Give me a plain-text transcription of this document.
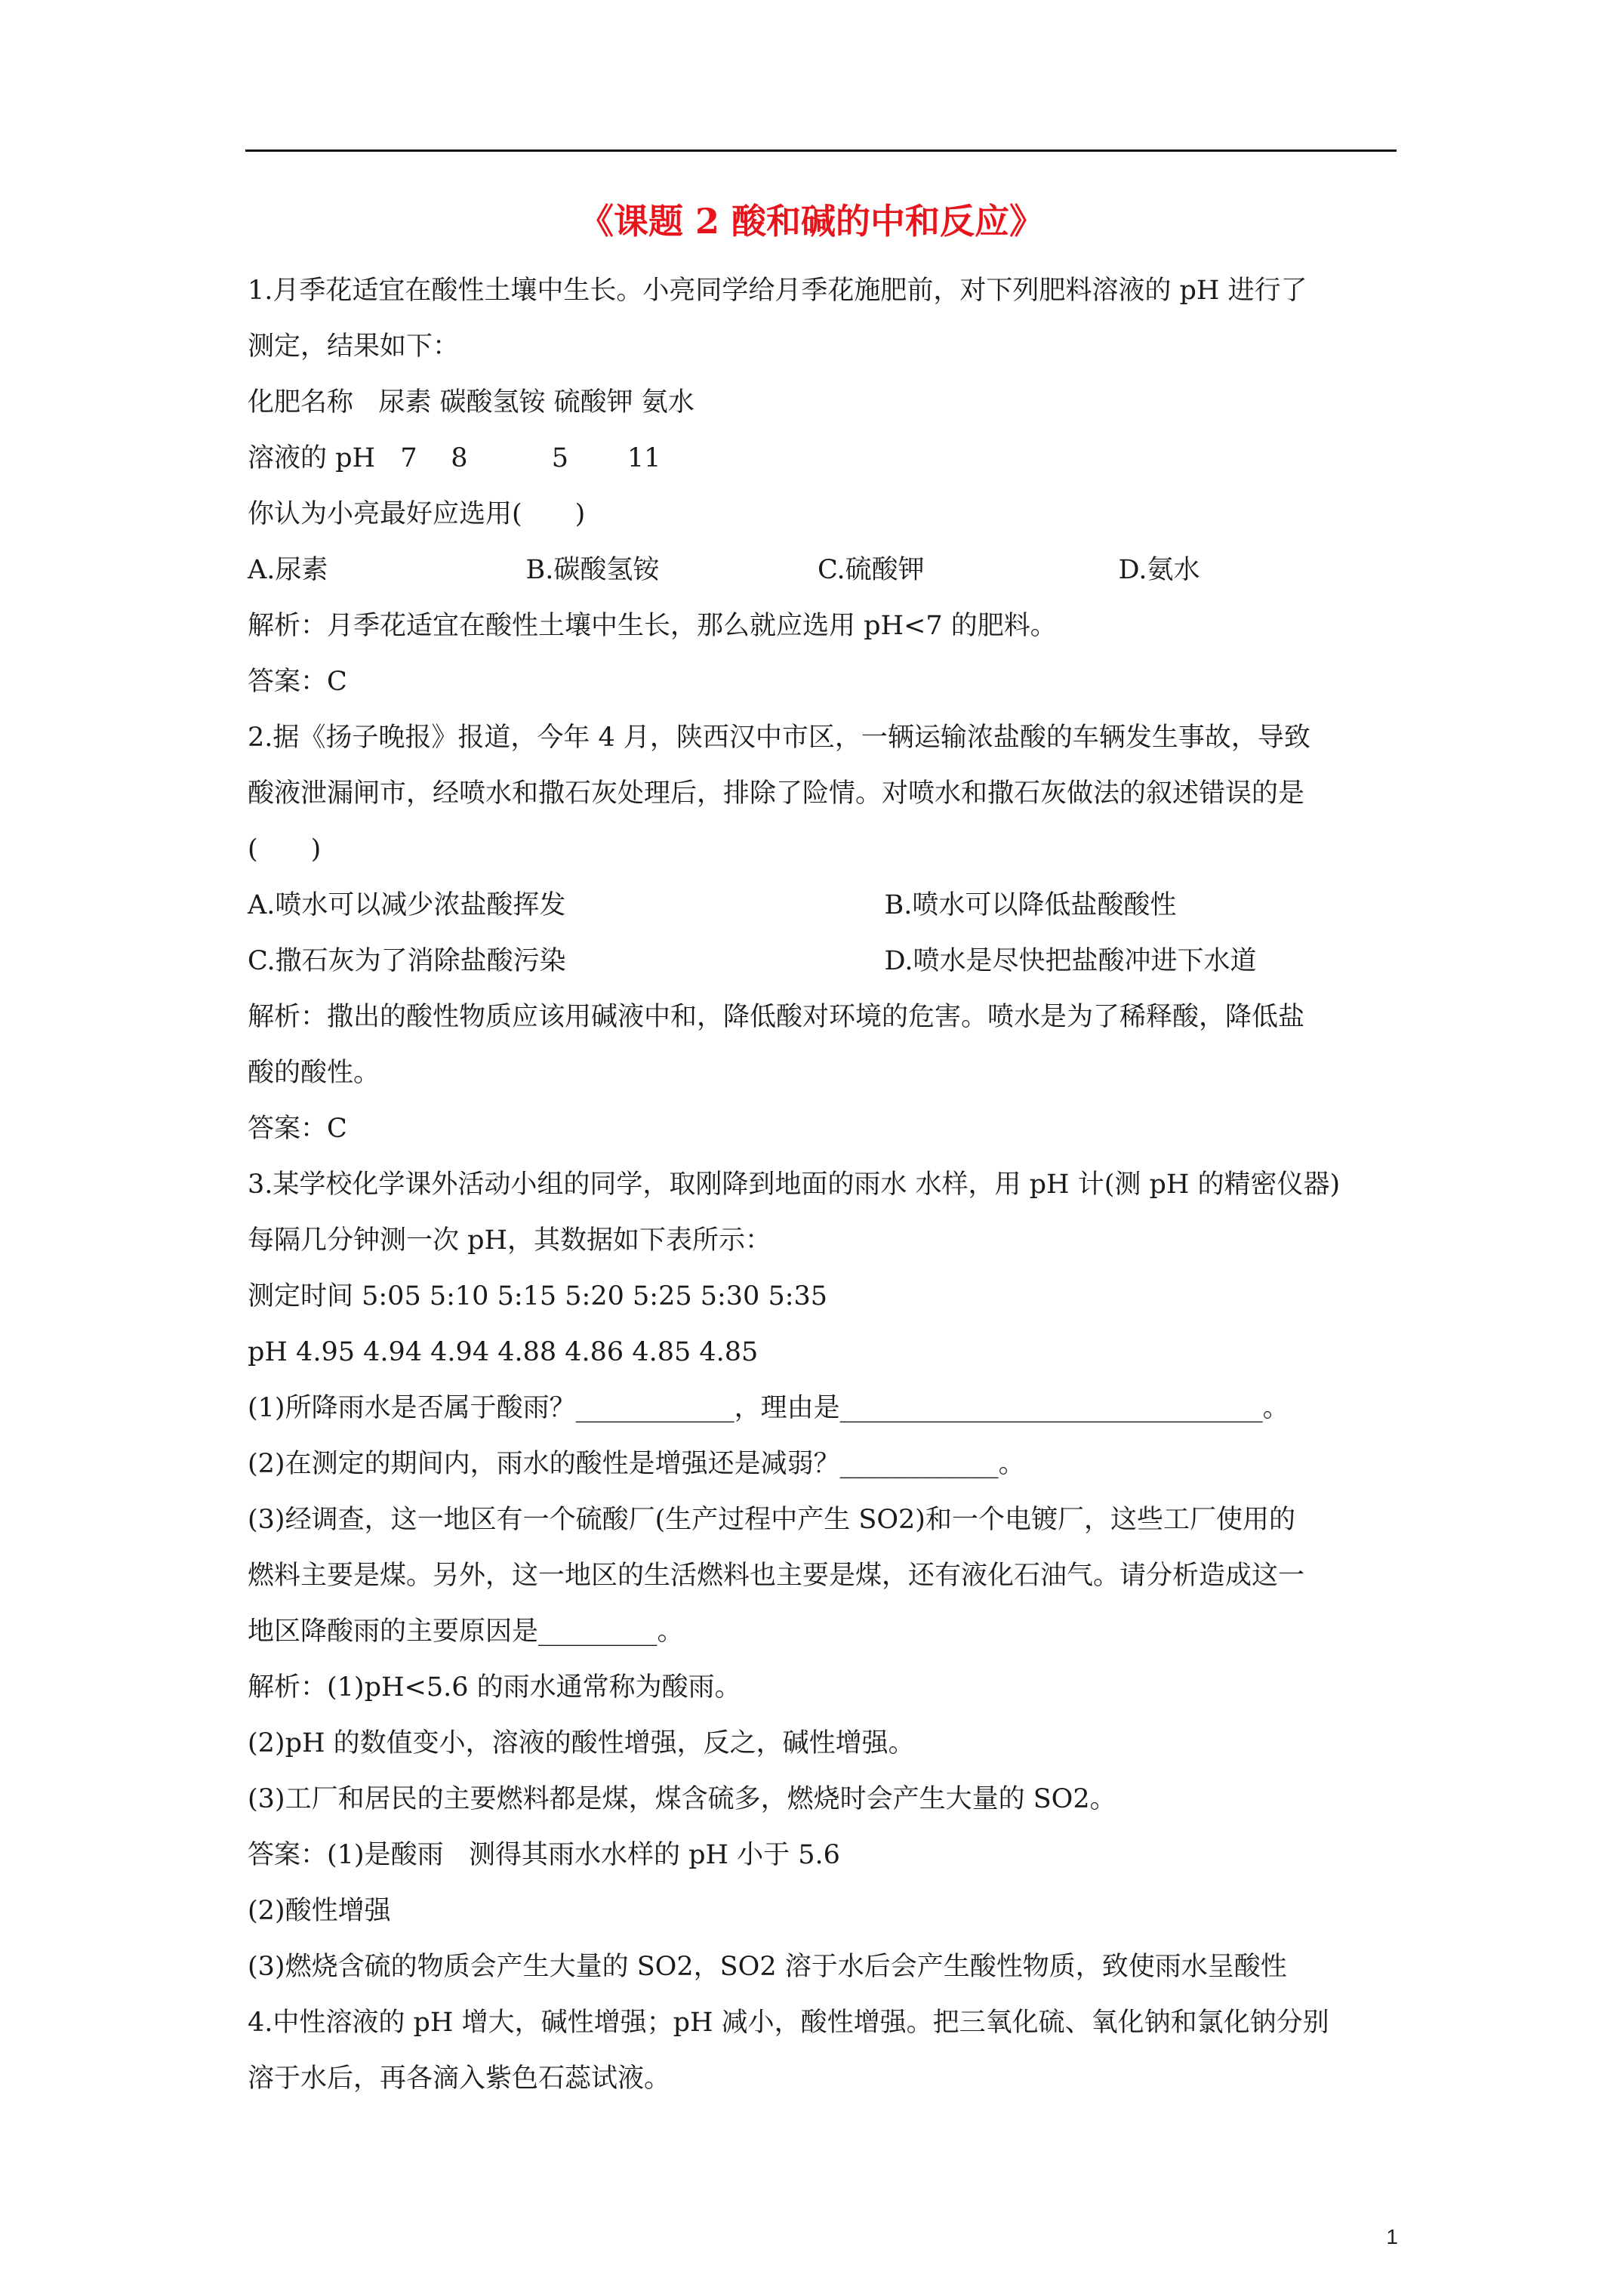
《课题 2 酸和碱的中和反应》
1.月季花适宜在酸性土壤中生长。小亮同学给月季花施肥前，对下列肥料溶液的 pH 进行了
测定，结果如下：
化肥名称   尿素 碳酸氢铵 硫酸钾 氨水
溶液的 pH   7    8          5       11
你认为小亮最好应选用(　　)
A.尿素	B.碳酸氢铵	C.硫酸钾	D.氨水
解析：月季花适宜在酸性土壤中生长，那么就应选用 pH<7 的肥料。
答案：C
2.据《扬子晚报》报道，今年 4 月，陕西汉中市区，一辆运输浓盐酸的车辆发生事故，导致
酸液泄漏闸市，经喷水和撒石灰处理后，排除了险情。对喷水和撒石灰做法的叙述错误的是
(　　)
A.喷水可以减少浓盐酸挥发	B.喷水可以降低盐酸酸性
C.撒石灰为了消除盐酸污染	D.喷水是尽快把盐酸冲进下水道
解析：撒出的酸性物质应该用碱液中和，降低酸对环境的危害。喷水是为了稀释酸，降低盐
酸的酸性。
答案：C
3.某学校化学课外活动小组的同学，取刚降到地面的雨水 水样，用 pH 计(测 pH 的精密仪器)
每隔几分钟测一次 pH，其数据如下表所示：
测定时间 5:05 5:10 5:15 5:20 5:25 5:30 5:35
pH 4.95 4.94 4.94 4.88 4.86 4.85 4.85
(1)所降雨水是否属于酸雨？____________，理由是________________________________。
(2)在测定的期间内，雨水的酸性是增强还是减弱？____________。
(3)经调查，这一地区有一个硫酸厂(生产过程中产生 SO2)和一个电镀厂，这些工厂使用的
燃料主要是煤。另外，这一地区的生活燃料也主要是煤，还有液化石油气。请分析造成这一
地区降酸雨的主要原因是_________。
解析：(1)pH<5.6 的雨水通常称为酸雨。
(2)pH 的数值变小，溶液的酸性增强，反之，碱性增强。
(3)工厂和居民的主要燃料都是煤，煤含硫多，燃烧时会产生大量的 SO2。
答案：(1)是酸雨   测得其雨水水样的 pH 小于 5.6
(2)酸性增强
(3)燃烧含硫的物质会产生大量的 SO2，SO2 溶于水后会产生酸性物质，致使雨水呈酸性
4.中性溶液的 pH 增大，碱性增强；pH 减小，酸性增强。把三氧化硫、氧化钠和氯化钠分别
溶于水后，再各滴入紫色石蕊试液。
1
